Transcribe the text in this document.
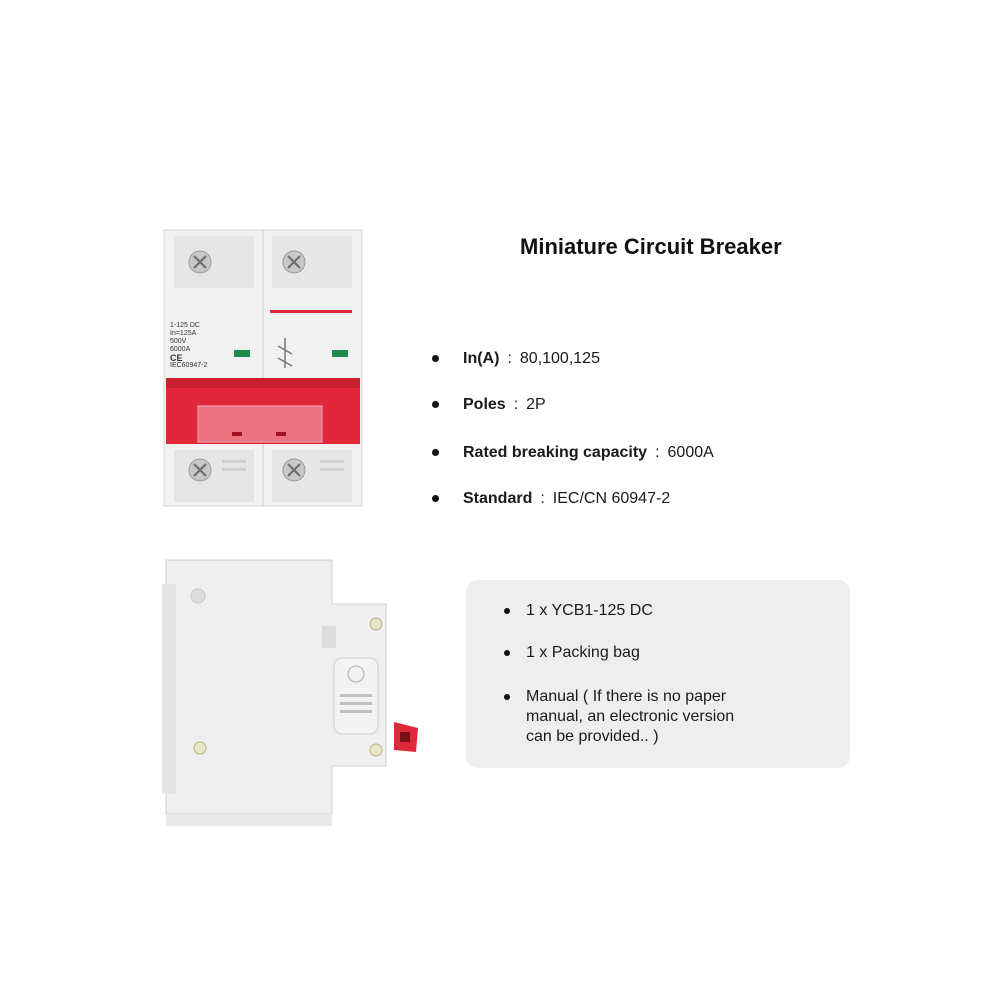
1-125 DC
In=125A
500V
6000A
CE
IEC60947-2
Miniature Circuit Breaker
In(A) : 80,100,125
Poles : 2P
Rated breaking capacity : 6000A
Standard : IEC/CN 60947-2
1 x YCB1-125 DC
1 x Packing bag
Manual ( If there is no paper manual, an electronic version can be provided.. )
